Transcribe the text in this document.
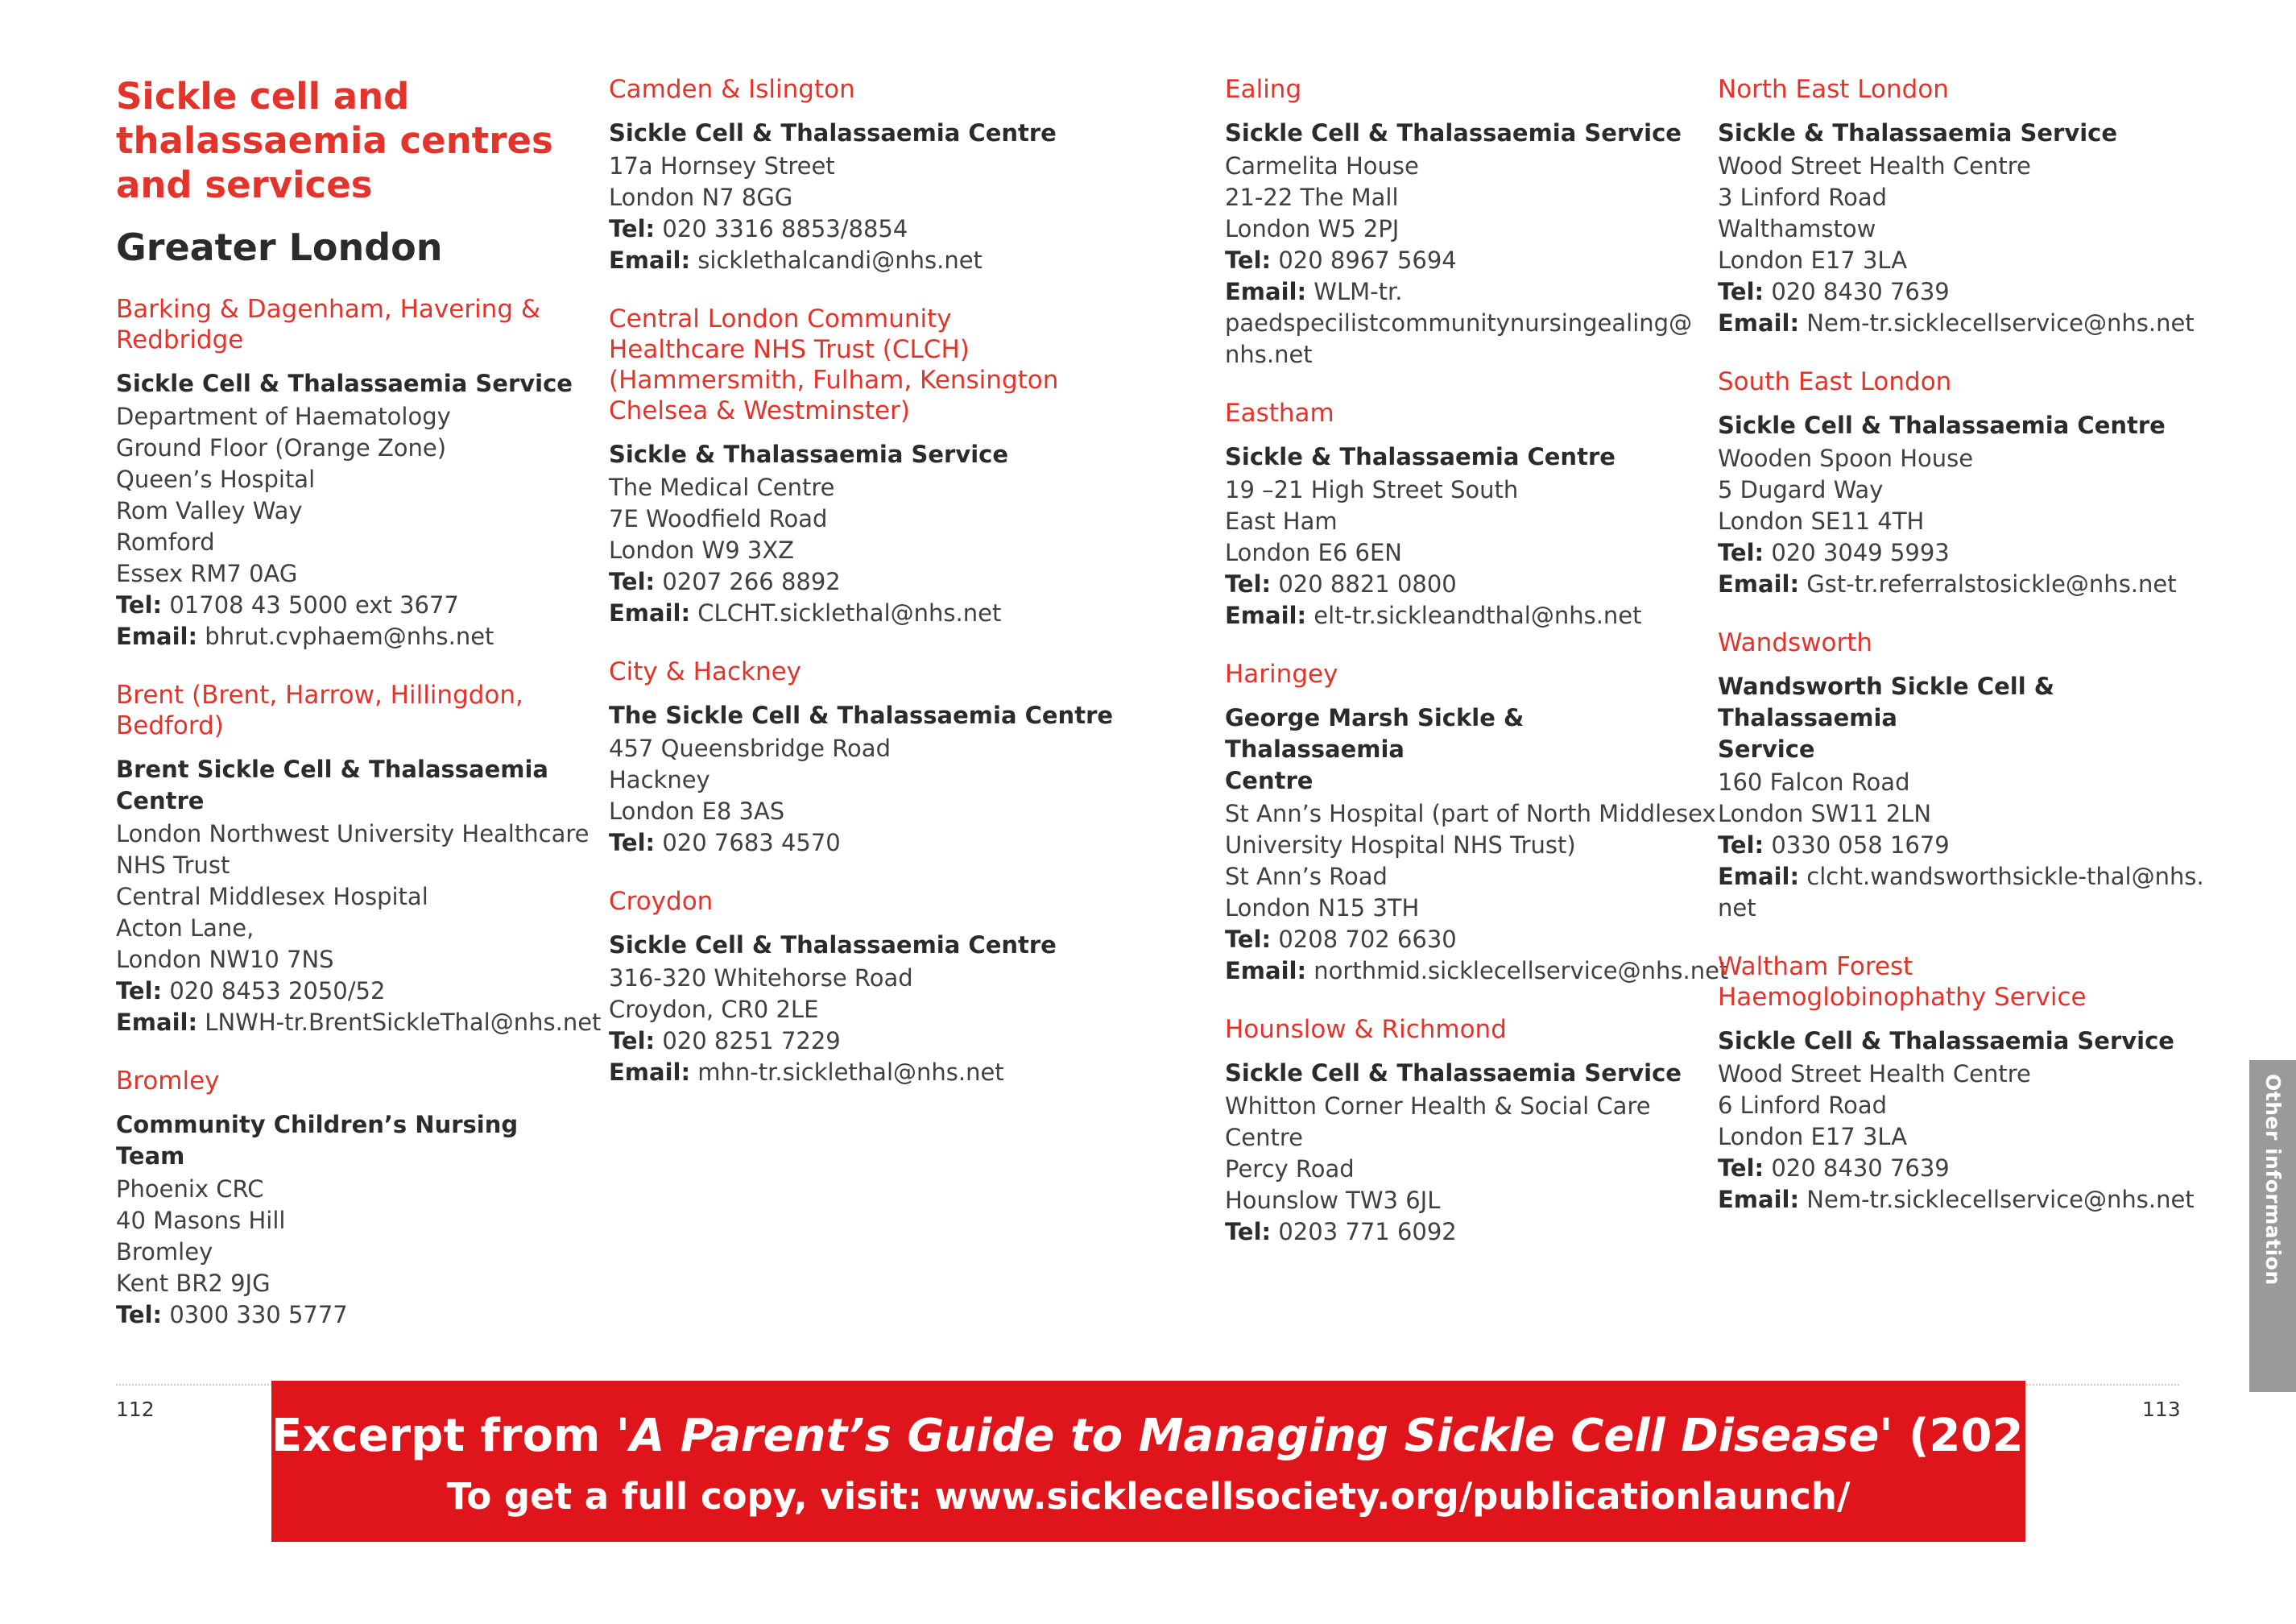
Sickle cell and
thalassaemia centres
and services
Greater London
Barking & Dagenham, Havering &
Redbridge
Sickle Cell & Thalassaemia Service
Department of Haematology
Ground Floor (Orange Zone)
Queen’s Hospital
Rom Valley Way
Romford
Essex RM7 0AG
Tel: 01708 43 5000 ext 3677
Email: bhrut.cvphaem@nhs.net
Brent (Brent, Harrow, Hillingdon,
Bedford)
Brent Sickle Cell & Thalassaemia
Centre
London Northwest University Healthcare
NHS Trust
Central Middlesex Hospital
Acton Lane,
London NW10 7NS
Tel: 020 8453 2050/52
Email: LNWH-tr.BrentSickleThal@nhs.net
Bromley
Community Children’s Nursing Team
Phoenix CRC
40 Masons Hill
Bromley
Kent BR2 9JG
Tel: 0300 330 5777
Camden & Islington
Sickle Cell & Thalassaemia Centre
17a Hornsey Street
London N7 8GG
Tel: 020 3316 8853/8854
Email: sicklethalcandi@nhs.net
Central London Community
Healthcare NHS Trust (CLCH)
(Hammersmith, Fulham, Kensington
Chelsea & Westminster)
Sickle & Thalassaemia Service
The Medical Centre
7E Woodfield Road
London W9 3XZ
Tel: 0207 266 8892
Email: CLCHT.sicklethal@nhs.net
City & Hackney
The Sickle Cell & Thalassaemia Centre
457 Queensbridge Road
Hackney
London E8 3AS
Tel: 020 7683 4570
Croydon
Sickle Cell & Thalassaemia Centre
316-320 Whitehorse Road
Croydon, CR0 2LE
Tel: 020 8251 7229
Email: mhn-tr.sicklethal@nhs.net
Ealing
Sickle Cell & Thalassaemia Service
Carmelita House
21-22 The Mall
London W5 2PJ
Tel: 020 8967 5694
Email: WLM-tr.
paedspecilistcommunitynursingealing@
nhs.net
Eastham
Sickle & Thalassaemia Centre
19 –21 High Street South
East Ham
London E6 6EN
Tel: 020 8821 0800
Email: elt-tr.sickleandthal@nhs.net
Haringey
George Marsh Sickle & Thalassaemia
Centre
St Ann’s Hospital (part of North Middlesex
University Hospital NHS Trust)
St Ann’s Road
London N15 3TH
Tel: 0208 702 6630
Email: northmid.sicklecellservice@nhs.net
Hounslow & Richmond
Sickle Cell & Thalassaemia Service
Whitton Corner Health & Social Care
Centre
Percy Road
Hounslow TW3 6JL
Tel: 0203 771 6092
North East London
Sickle & Thalassaemia Service
Wood Street Health Centre
3 Linford Road
Walthamstow
London E17 3LA
Tel: 020 8430 7639
Email: Nem-tr.sicklecellservice@nhs.net
South East London
Sickle Cell & Thalassaemia Centre
Wooden Spoon House
5 Dugard Way
London SE11 4TH
Tel: 020 3049 5993
Email: Gst-tr.referralstosickle@nhs.net
Wandsworth
Wandsworth Sickle Cell & Thalassaemia
Service
160 Falcon Road
London SW11 2LN
Tel: 0330 058 1679
Email: clcht.wandsworthsickle-thal@nhs.
net
Waltham Forest
Haemoglobinophathy Service
Sickle Cell & Thalassaemia Service
Wood Street Health Centre
6 Linford Road
London E17 3LA
Tel: 020 8430 7639
Email: Nem-tr.sicklecellservice@nhs.net
112	113
Other information
Excerpt from 'A Parent’s Guide to Managing Sickle Cell Disease' (2021)
To get a full copy, visit: www.sicklecellsociety.org/publicationlaunch/
